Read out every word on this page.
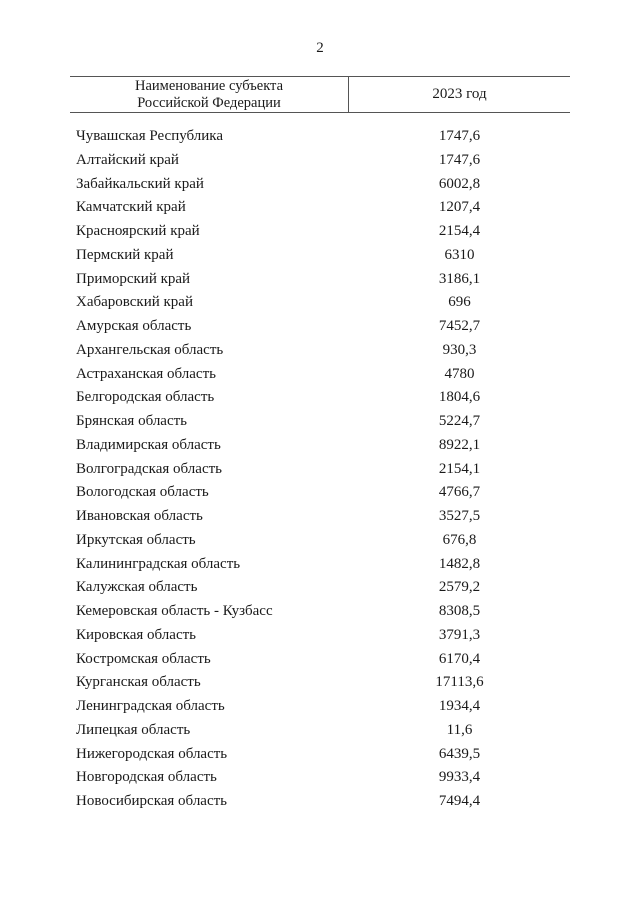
2
Наименование субъекта
Российской Федерации
2023 год
Чувашская Республика	1747,6
Алтайский край	1747,6
Забайкальский край	6002,8
Камчатский край	1207,4
Красноярский край	2154,4
Пермский край	6310
Приморский край	3186,1
Хабаровский край	696
Амурская область	7452,7
Архангельская область	930,3
Астраханская область	4780
Белгородская область	1804,6
Брянская область	5224,7
Владимирская область	8922,1
Волгоградская область	2154,1
Вологодская область	4766,7
Ивановская область	3527,5
Иркутская область	676,8
Калининградская область	1482,8
Калужская область	2579,2
Кемеровская область - Кузбасс	8308,5
Кировская область	3791,3
Костромская область	6170,4
Курганская область	17113,6
Ленинградская область	1934,4
Липецкая область	11,6
Нижегородская область	6439,5
Новгородская область	9933,4
Новосибирская область	7494,4
